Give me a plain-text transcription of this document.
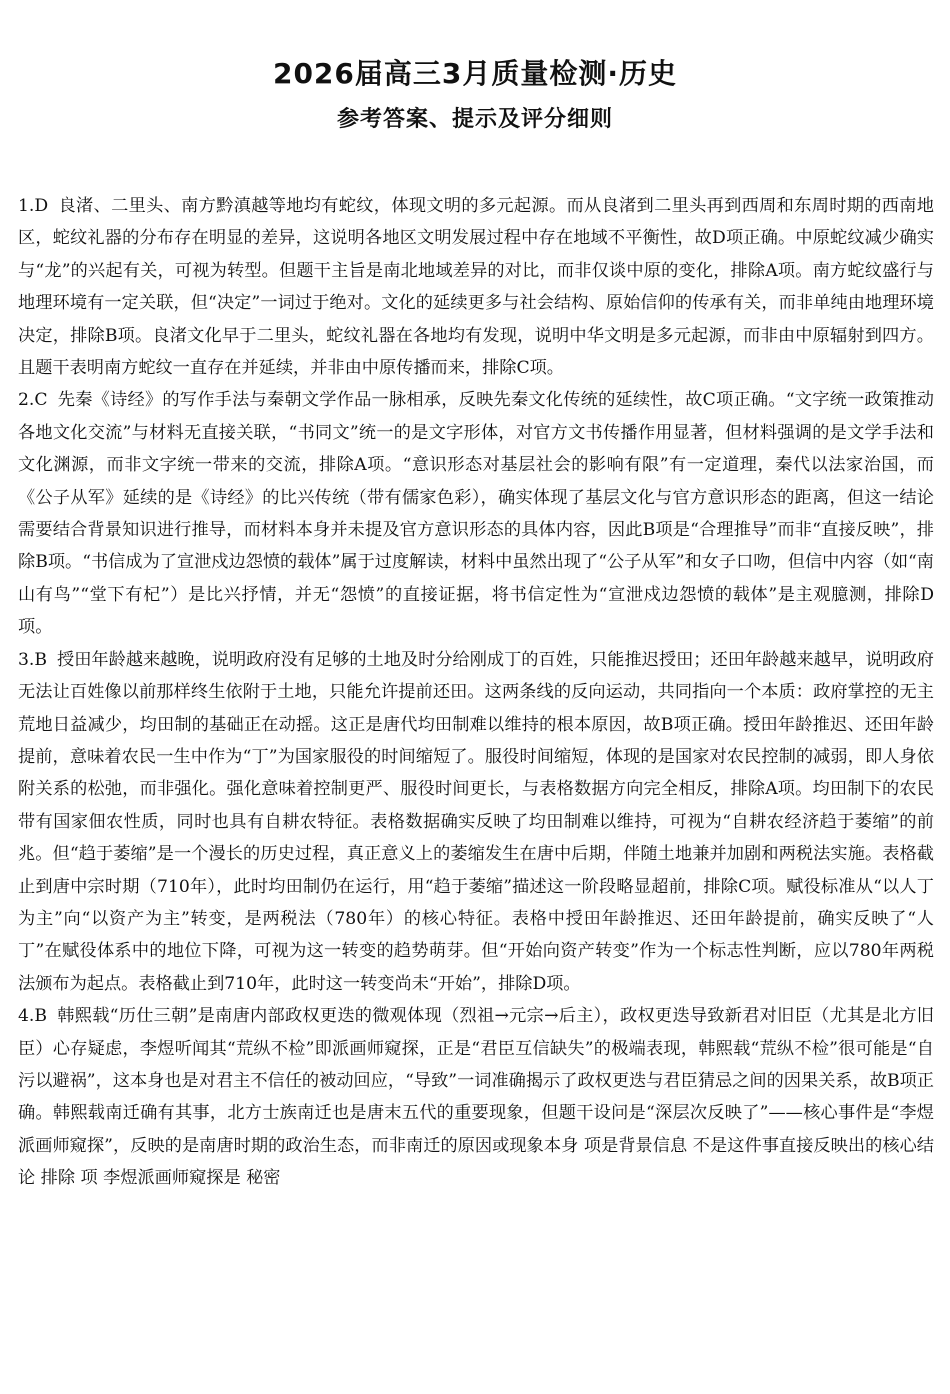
2026届高三3月质量检测·历史
参考答案、提示及评分细则
1.D 良渚、二里头、南方黔滇越等地均有蛇纹，体现文明的多元起源。而从良渚到二里头再到西周和东周时期的西南地区，蛇纹礼器的分布存在明显的差异，这说明各地区文明发展过程中存在地域不平衡性，故D项正确。中原蛇纹减少确实与“龙”的兴起有关，可视为转型。但题干主旨是南北地域差异的对比，而非仅谈中原的变化，排除A项。南方蛇纹盛行与地理环境有一定关联，但“决定”一词过于绝对。文化的延续更多与社会结构、原始信仰的传承有关，而非单纯由地理环境决定，排除B项。良渚文化早于二里头，蛇纹礼器在各地均有发现，说明中华文明是多元起源，而非由中原辐射到四方。且题干表明南方蛇纹一直存在并延续，并非由中原传播而来，排除C项。
2.C 先秦《诗经》的写作手法与秦朝文学作品一脉相承，反映先秦文化传统的延续性，故C项正确。“文字统一政策推动各地文化交流”与材料无直接关联，“书同文”统一的是文字形体，对官方文书传播作用显著，但材料强调的是文学手法和文化渊源，而非文字统一带来的交流，排除A项。“意识形态对基层社会的影响有限”有一定道理，秦代以法家治国，而《公子从军》延续的是《诗经》的比兴传统（带有儒家色彩），确实体现了基层文化与官方意识形态的距离，但这一结论需要结合背景知识进行推导，而材料本身并未提及官方意识形态的具体内容，因此B项是“合理推导”而非“直接反映”，排除B项。“书信成为了宣泄戍边怨愤的载体”属于过度解读，材料中虽然出现了“公子从军”和女子口吻，但信中内容（如“南山有鸟”“堂下有杞”）是比兴抒情，并无“怨愤”的直接证据，将书信定性为“宣泄戍边怨愤的载体”是主观臆测，排除D项。
3.B 授田年龄越来越晚，说明政府没有足够的土地及时分给刚成丁的百姓，只能推迟授田；还田年龄越来越早，说明政府无法让百姓像以前那样终生依附于土地，只能允许提前还田。这两条线的反向运动，共同指向一个本质：政府掌控的无主荒地日益减少，均田制的基础正在动摇。这正是唐代均田制难以维持的根本原因，故B项正确。授田年龄推迟、还田年龄提前，意味着农民一生中作为“丁”为国家服役的时间缩短了。服役时间缩短，体现的是国家对农民控制的减弱，即人身依附关系的松弛，而非强化。强化意味着控制更严、服役时间更长，与表格数据方向完全相反，排除A项。均田制下的农民带有国家佃农性质，同时也具有自耕农特征。表格数据确实反映了均田制难以维持，可视为“自耕农经济趋于萎缩”的前兆。但“趋于萎缩”是一个漫长的历史过程，真正意义上的萎缩发生在唐中后期，伴随土地兼并加剧和两税法实施。表格截止到唐中宗时期（710年），此时均田制仍在运行，用“趋于萎缩”描述这一阶段略显超前，排除C项。赋役标准从“以人丁为主”向“以资产为主”转变，是两税法（780年）的核心特征。表格中授田年龄推迟、还田年龄提前，确实反映了“人丁”在赋役体系中的地位下降，可视为这一转变的趋势萌芽。但“开始向资产转变”作为一个标志性判断，应以780年两税法颁布为起点。表格截止到710年，此时这一转变尚未“开始”，排除D项。
4.B 韩熙载“历仕三朝”是南唐内部政权更迭的微观体现（烈祖→元宗→后主），政权更迭导致新君对旧臣（尤其是北方旧臣）心存疑虑，李煜听闻其“荒纵不检”即派画师窥探，正是“君臣互信缺失”的极端表现，韩熙载“荒纵不检”很可能是“自污以避祸”，这本身也是对君主不信任的被动回应，“导致”一词准确揭示了政权更迭与君臣猜忌之间的因果关系，故B项正确。韩熙载南迁确有其事，北方士族南迁也是唐末五代的重要现象，但题干设问是“深层次反映了”——核心事件是“李煜派画师窥探”，反映的是南唐时期的政治生态，而非南迁的原因或现象本身 项是背景信息 不是这件事直接反映出的核心结论 排除 项 李煜派画师窥探是 秘密
